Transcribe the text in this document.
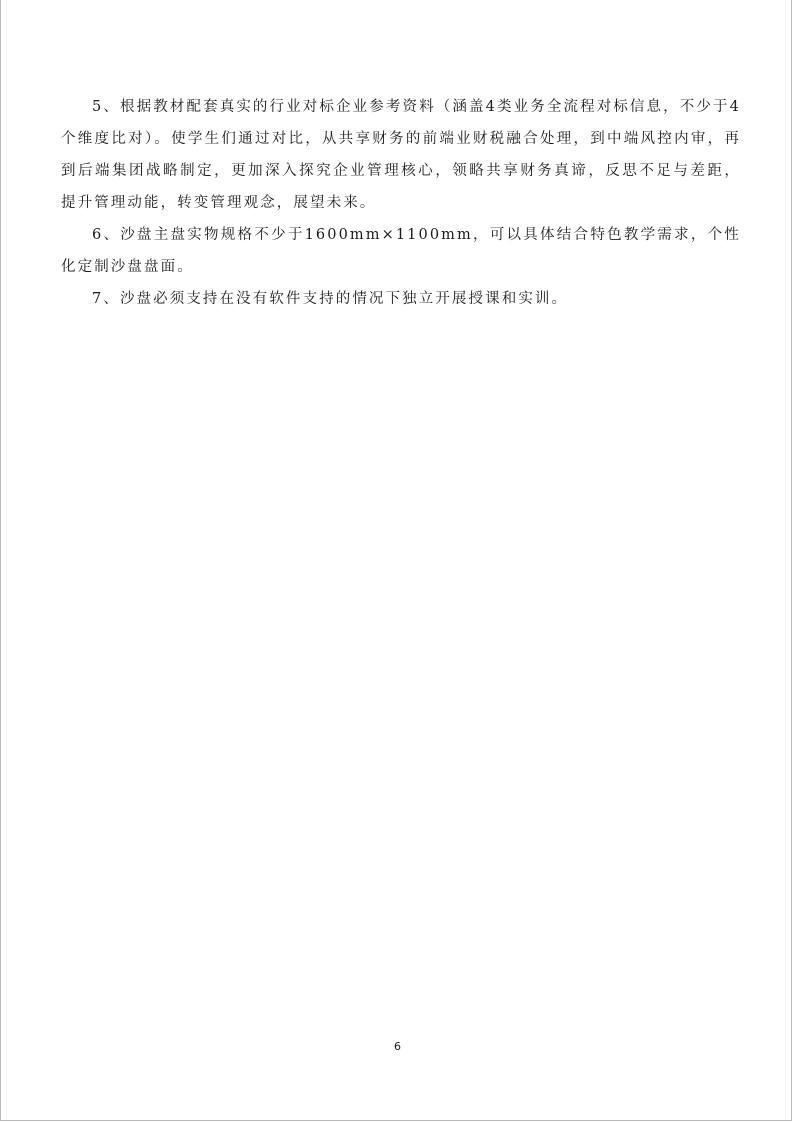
5、根据教材配套真实的行业对标企业参考资料（涵盖4类业务全流程对标信息，不少于4个维度比对）。使学生们通过对比，从共享财务的前端业财税融合处理，到中端风控内审，再到后端集团战略制定，更加深入探究企业管理核心，领略共享财务真谛，反思不足与差距，提升管理动能，转变管理观念，展望未来。

6、沙盘主盘实物规格不少于1600mm×1100mm，可以具体结合特色教学需求，个性化定制沙盘盘面。

7、沙盘必须支持在没有软件支持的情况下独立开展授课和实训。

6
